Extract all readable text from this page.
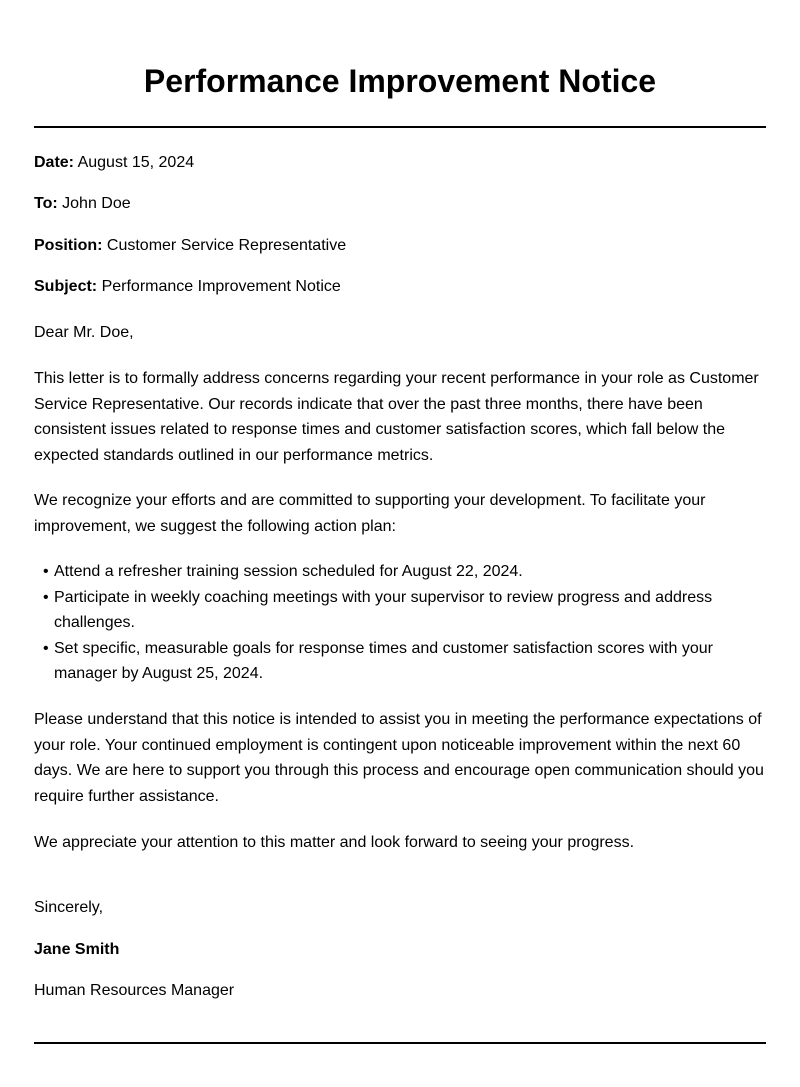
Performance Improvement Notice

Date: August 15, 2024

To: John Doe

Position: Customer Service Representative

Subject: Performance Improvement Notice

Dear Mr. Doe,

This letter is to formally address concerns regarding your recent performance in your role as Customer Service Representative. Our records indicate that over the past three months, there have been consistent issues related to response times and customer satisfaction scores, which fall below the expected standards outlined in our performance metrics.

We recognize your efforts and are committed to supporting your development. To facilitate your improvement, we suggest the following action plan:

• Attend a refresher training session scheduled for August 22, 2024.
• Participate in weekly coaching meetings with your supervisor to review progress and address challenges.
• Set specific, measurable goals for response times and customer satisfaction scores with your manager by August 25, 2024.

Please understand that this notice is intended to assist you in meeting the performance expectations of your role. Your continued employment is contingent upon noticeable improvement within the next 60 days. We are here to support you through this process and encourage open communication should you require further assistance.

We appreciate your attention to this matter and look forward to seeing your progress.

Sincerely,

Jane Smith

Human Resources Manager
